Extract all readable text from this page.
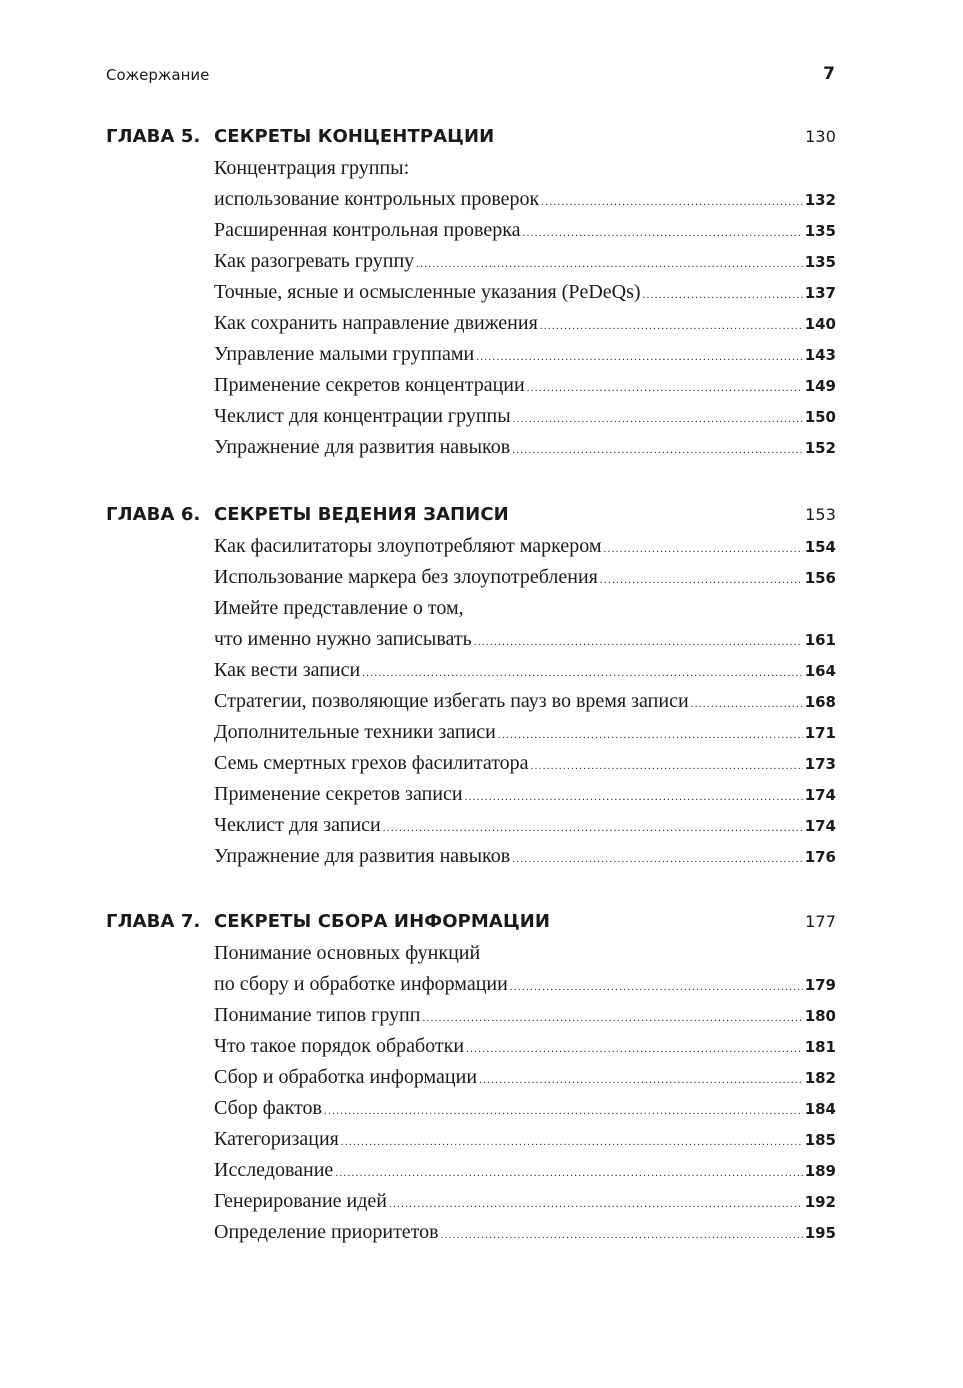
Сожержание	7
ГЛАВА 5. СЕКРЕТЫ КОНЦЕНТРАЦИИ	130
Концентрация группы:
использование контрольных проверок .....	132
Расширенная контрольная проверка .....	135
Как разогревать группу .....	135
Точные, ясные и осмысленные указания (PeDeQs) .....	137
Как сохранить направление движения .....	140
Управление малыми группами .....	143
Применение секретов концентрации .....	149
Чеклист для концентрации группы .....	150
Упражнение для развития навыков .....	152
ГЛАВА 6. СЕКРЕТЫ ВЕДЕНИЯ ЗАПИСИ	153
Как фасилитаторы злоупотребляют маркером .....	154
Использование маркера без злоупотребления .....	156
Имейте представление о том,
что именно нужно записывать .....	161
Как вести записи .....	164
Стратегии, позволяющие избегать пауз во время записи .....	168
Дополнительные техники записи .....	171
Семь смертных грехов фасилитатора .....	173
Применение секретов записи .....	174
Чеклист для записи .....	174
Упражнение для развития навыков .....	176
ГЛАВА 7. СЕКРЕТЫ СБОРА ИНФОРМАЦИИ	177
Понимание основных функций
по сбору и обработке информации .....	179
Понимание типов групп .....	180
Что такое порядок обработки .....	181
Сбор и обработка информации .....	182
Сбор фактов .....	184
Категоризация .....	185
Исследование .....	189
Генерирование идей .....	192
Определение приоритетов .....	195
